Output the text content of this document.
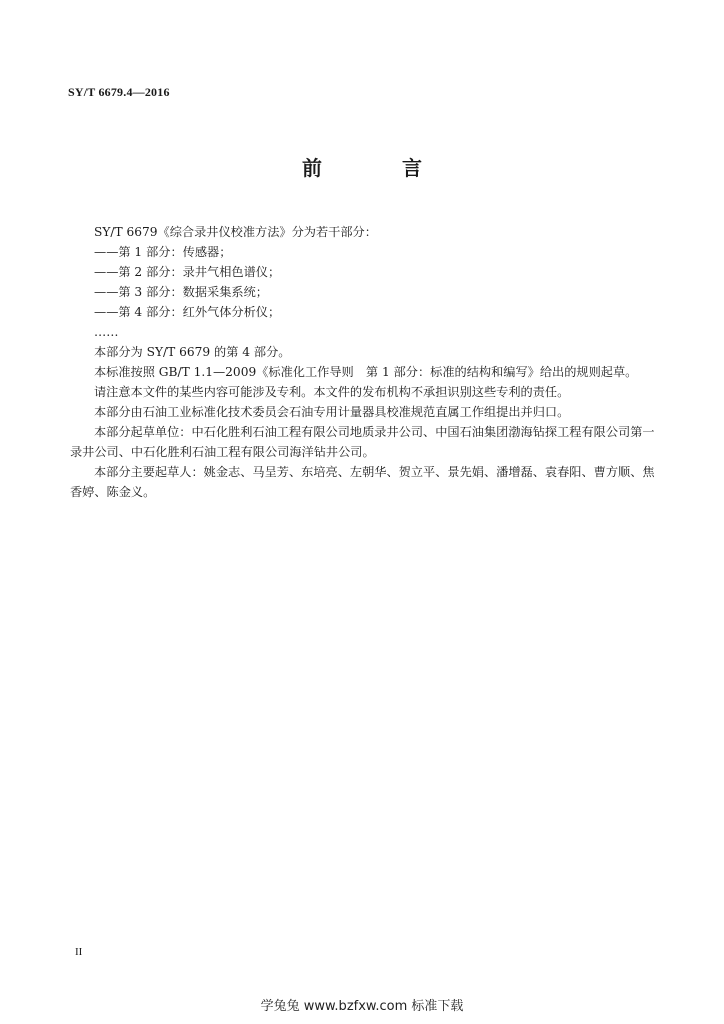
SY/T 6679.4—2016
前　言

SY/T 6679《综合录井仪校准方法》分为若干部分：

——第 1 部分：传感器；

——第 2 部分：录井气相色谱仪；

——第 3 部分：数据采集系统；

——第 4 部分：红外气体分析仪；

……

本部分为 SY/T 6679 的第 4 部分。

本标准按照 GB/T 1.1—2009《标准化工作导则　第 1 部分：标准的结构和编写》给出的规则起草。

请注意本文件的某些内容可能涉及专利。本文件的发布机构不承担识别这些专利的责任。

本部分由石油工业标准化技术委员会石油专用计量器具校准规范直属工作组提出并归口。

本部分起草单位：中石化胜利石油工程有限公司地质录井公司、中国石油集团渤海钻探工程有限公司第一录井公司、中石化胜利石油工程有限公司海洋钻井公司。

本部分主要起草人：姚金志、马呈芳、东培亮、左朝华、贺立平、景先娟、潘增磊、袁春阳、曹方顺、焦香婷、陈金义。

II
学兔兔 www.bzfxw.com 标准下载
